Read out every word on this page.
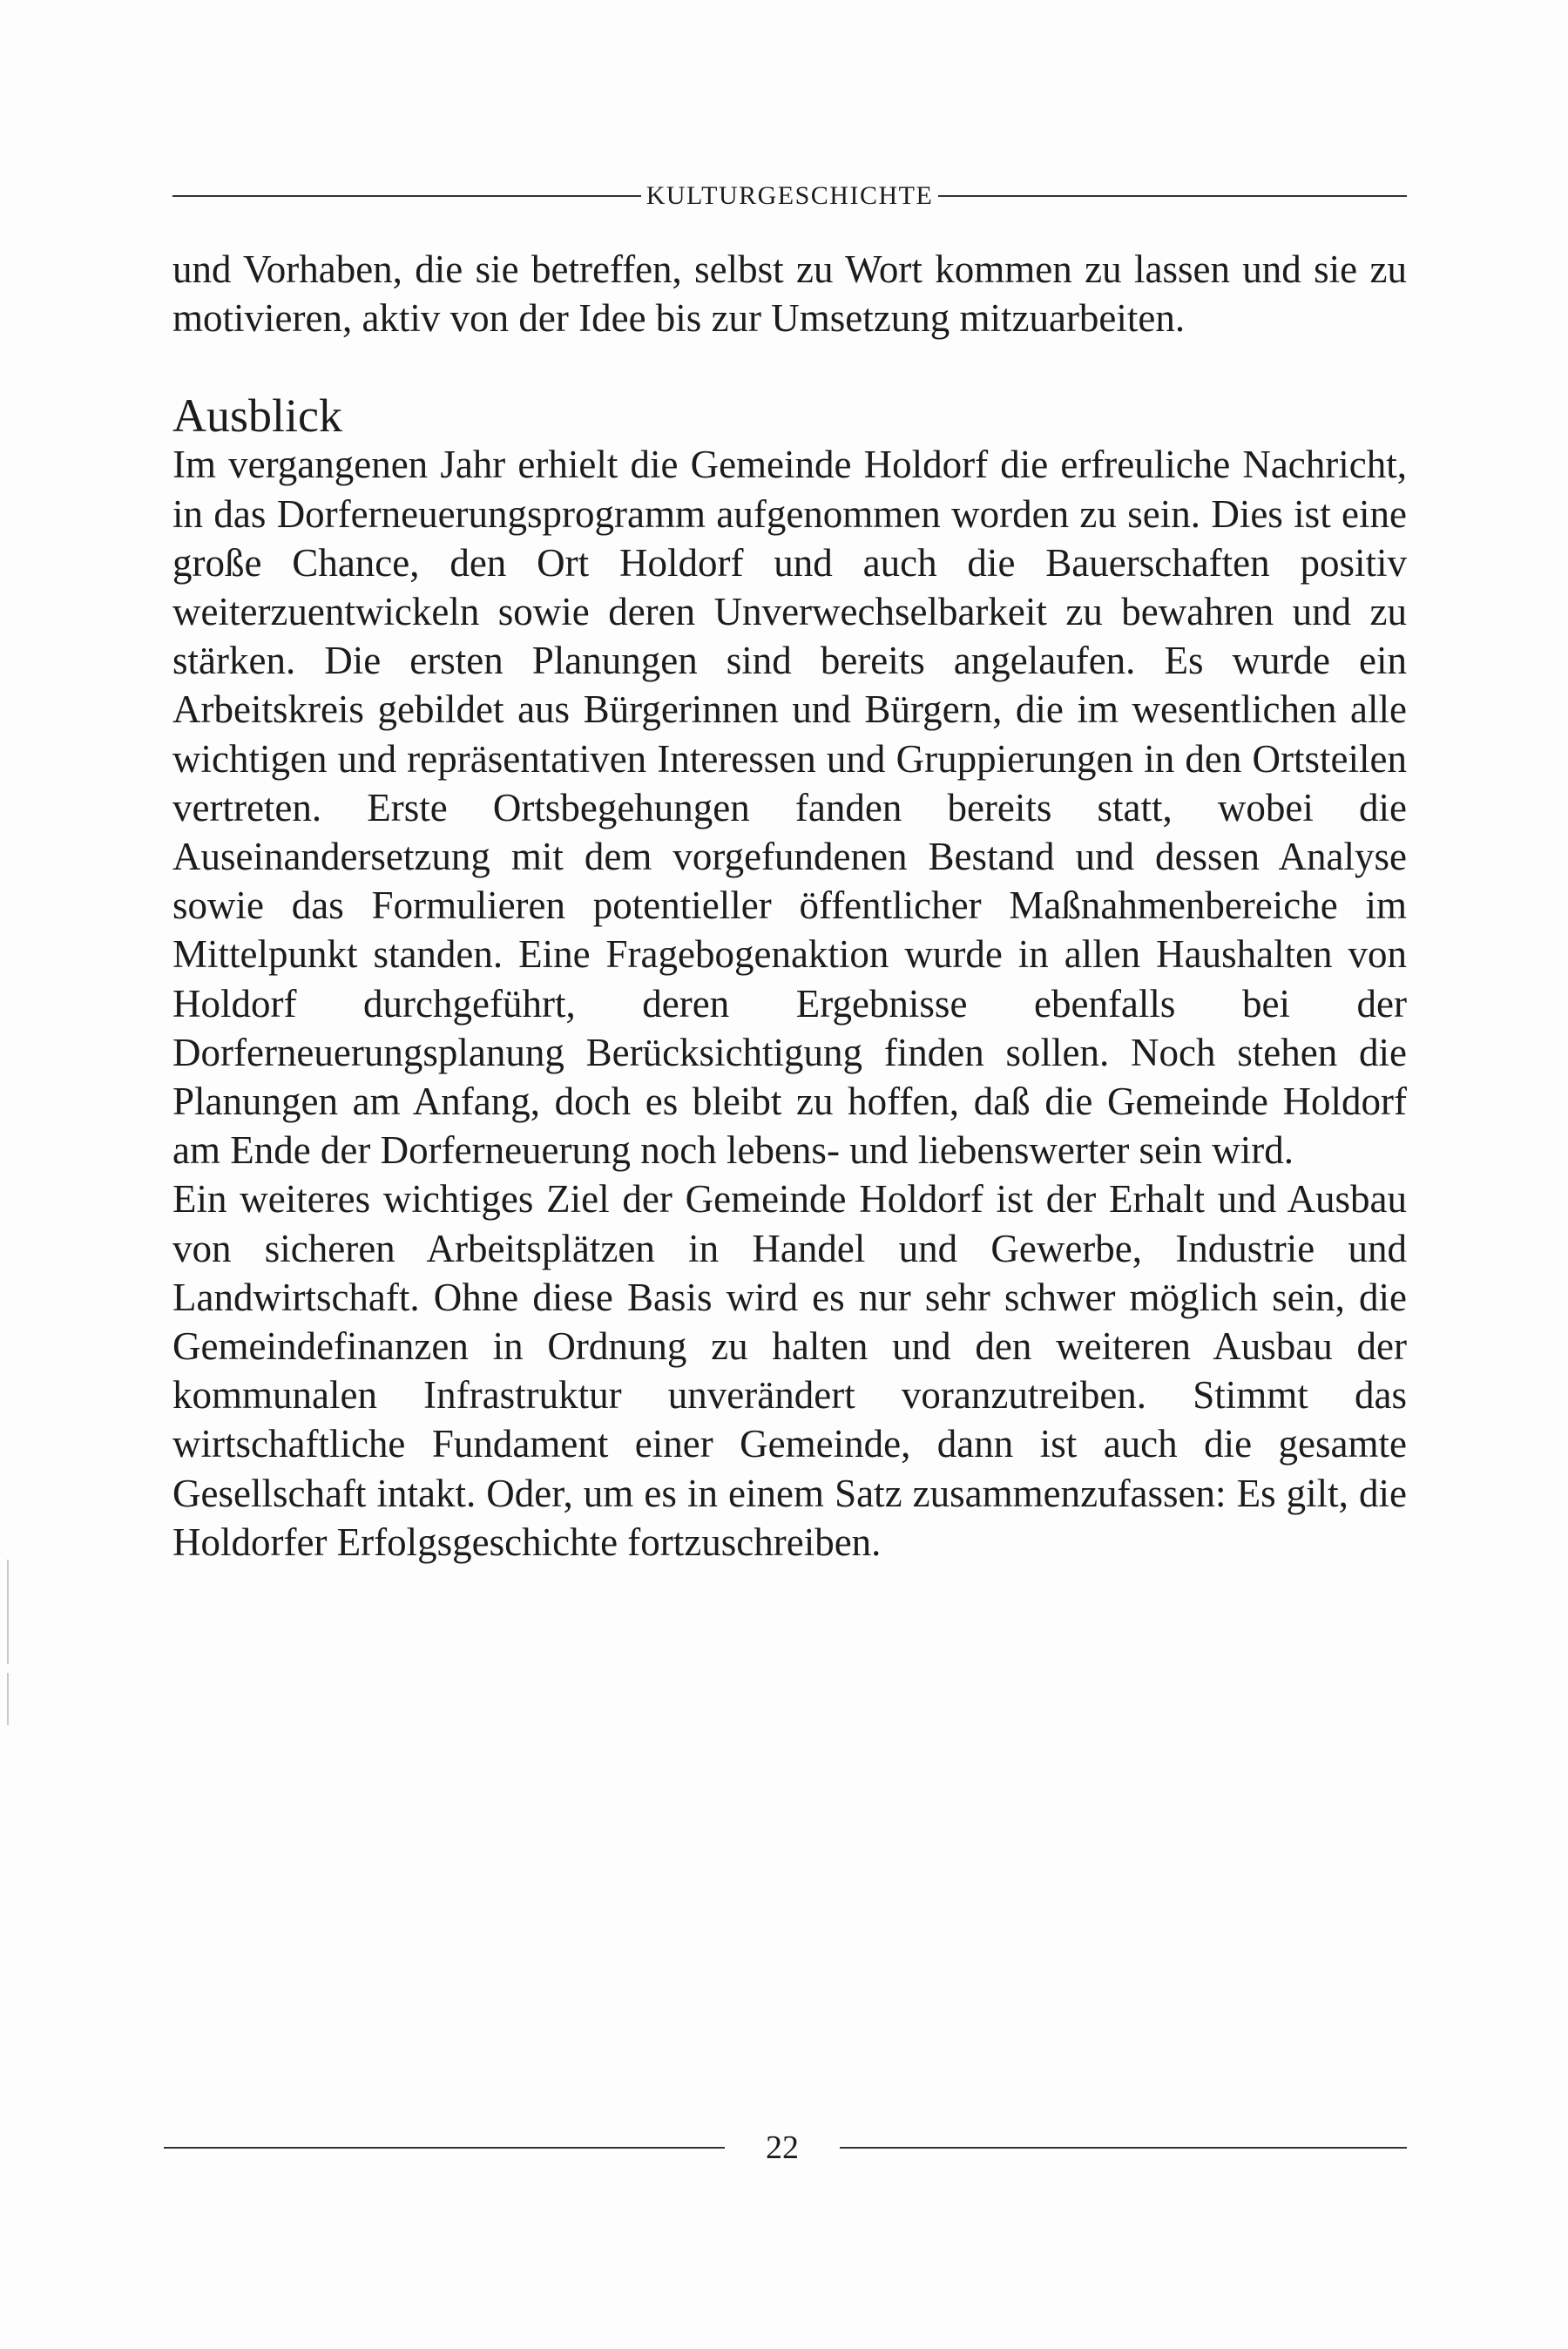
KULTURGESCHICHTE

und Vorhaben, die sie betreffen, selbst zu Wort kommen zu lassen und sie zu motivieren, aktiv von der Idee bis zur Umsetzung mitzuarbeiten.

Ausblick

Im vergangenen Jahr erhielt die Gemeinde Holdorf die erfreuliche Nachricht, in das Dorferneuerungsprogramm aufgenommen worden zu sein. Dies ist eine große Chance, den Ort Holdorf und auch die Bauerschaften positiv weiterzuentwickeln sowie deren Unverwechselbarkeit zu bewahren und zu stärken. Die ersten Planungen sind bereits angelaufen. Es wurde ein Arbeitskreis gebildet aus Bürgerinnen und Bürgern, die im wesentlichen alle wichtigen und repräsentativen Interessen und Gruppierungen in den Ortsteilen vertreten. Erste Ortsbegehungen fanden bereits statt, wobei die Auseinandersetzung mit dem vorgefundenen Bestand und dessen Analyse sowie das Formulieren potentieller öffentlicher Maßnahmenbereiche im Mittelpunkt standen. Eine Fragebogenaktion wurde in allen Haushalten von Holdorf durchgeführt, deren Ergebnisse ebenfalls bei der Dorferneuerungsplanung Berücksichtigung finden sollen. Noch stehen die Planungen am Anfang, doch es bleibt zu hoffen, daß die Gemeinde Holdorf am Ende der Dorferneuerung noch lebens- und liebenswerter sein wird.

Ein weiteres wichtiges Ziel der Gemeinde Holdorf ist der Erhalt und Ausbau von sicheren Arbeitsplätzen in Handel und Gewerbe, Industrie und Landwirtschaft. Ohne diese Basis wird es nur sehr schwer möglich sein, die Gemeindefinanzen in Ordnung zu halten und den weiteren Ausbau der kommunalen Infrastruktur unverändert voranzutreiben. Stimmt das wirtschaftliche Fundament einer Gemeinde, dann ist auch die gesamte Gesellschaft intakt. Oder, um es in einem Satz zusammenzufassen: Es gilt, die Holdorfer Erfolgsgeschichte fortzuschreiben.

22
